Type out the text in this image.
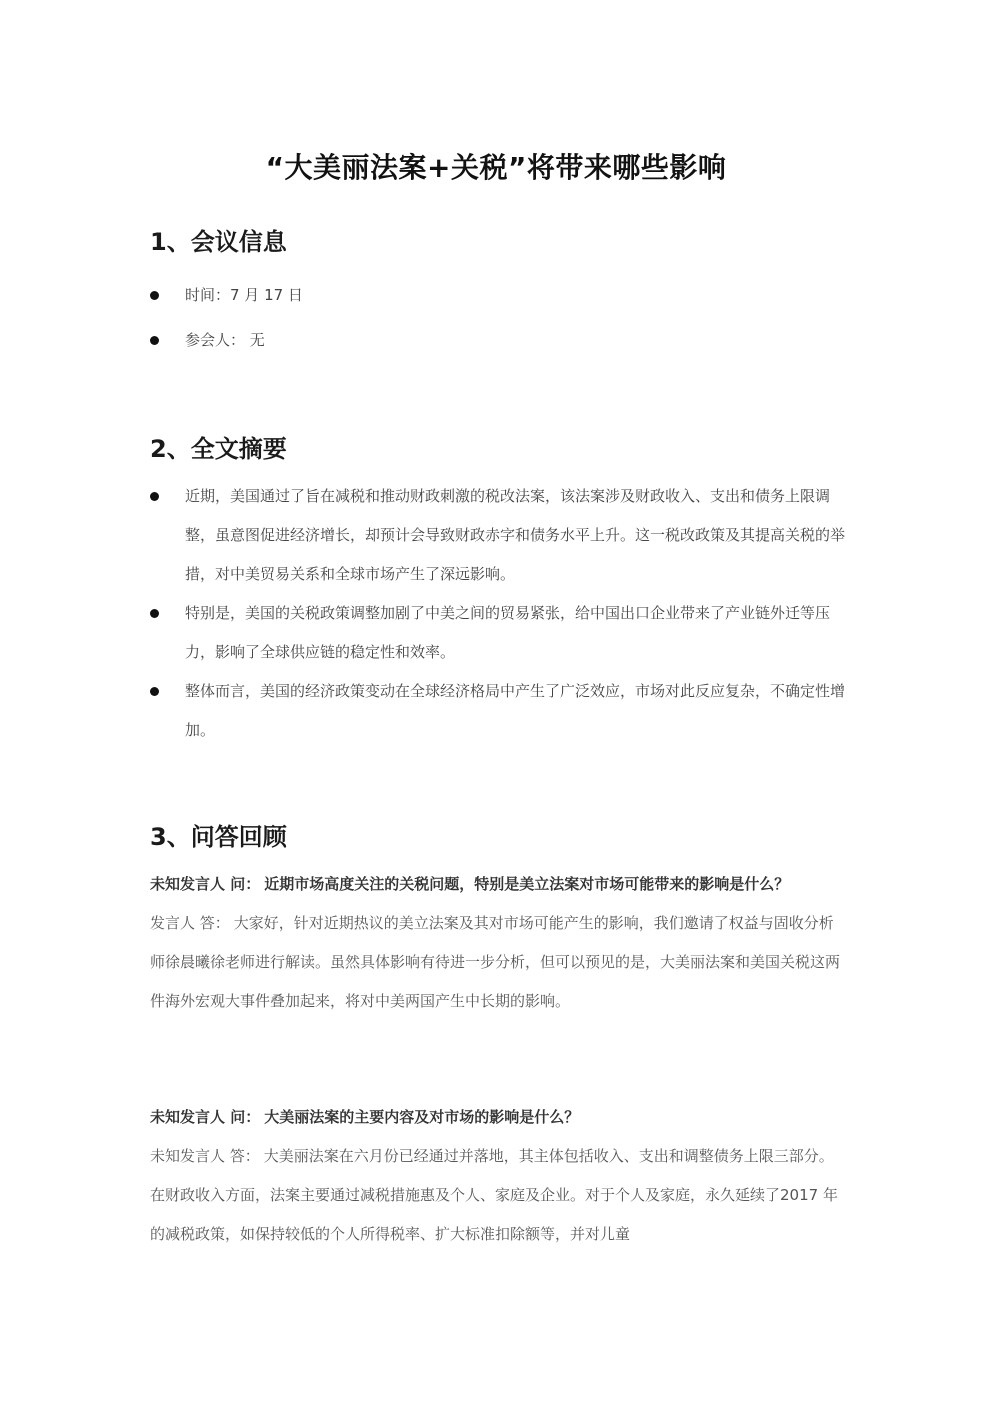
“大美丽法案+关税”将带来哪些影响
1、会议信息
时间：7 月 17 日
参会人： 无
2、全文摘要
近期，美国通过了旨在减税和推动财政刺激的税改法案，该法案涉及财政收入、支出和债务上限调整，虽意图促进经济增长，却预计会导致财政赤字和债务水平上升。这一税改政策及其提高关税的举措，对中美贸易关系和全球市场产生了深远影响。
特别是，美国的关税政策调整加剧了中美之间的贸易紧张，给中国出口企业带来了产业链外迁等压力，影响了全球供应链的稳定性和效率。
整体而言，美国的经济政策变动在全球经济格局中产生了广泛效应，市场对此反应复杂，不确定性增加。
3、问答回顾

未知发言人 问： 近期市场高度关注的关税问题，特别是美立法案对市场可能带来的影响是什么？

发言人 答： 大家好，针对近期热议的美立法案及其对市场可能产生的影响，我们邀请了权益与固收分析师徐晨曦徐老师进行解读。虽然具体影响有待进一步分析，但可以预见的是，大美丽法案和美国关税这两件海外宏观大事件叠加起来，将对中美两国产生中长期的影响。

未知发言人 问： 大美丽法案的主要内容及对市场的影响是什么？

未知发言人 答： 大美丽法案在六月份已经通过并落地，其主体包括收入、支出和调整债务上限三部分。在财政收入方面，法案主要通过减税措施惠及个人、家庭及企业。对于个人及家庭，永久延续了2017 年的减税政策，如保持较低的个人所得税率、扩大标准扣除额等，并对儿童
